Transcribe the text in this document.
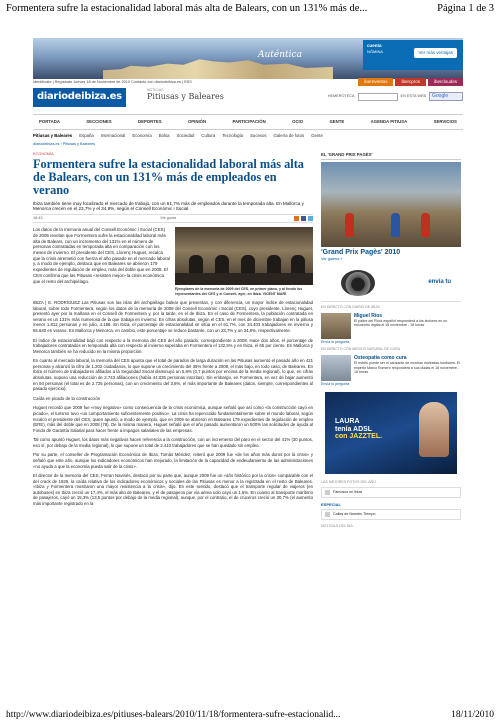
Formentera sufre la estacionalidad laboral más alta de Balears, con un 131% más de...	Página 1 de 3
Auténtica
cuenta
NÓMINA	Ver más ventajas
Identifícate | Regístrate Jueves 18 de Noviembre de 2010 Contacto con diariodeibiza.es | RSS	ibereventos	ibercpros	ibercloudes
diariodeibiza.es
NOTICIAS
Pitiusas y Baleares	HEMEROTECA	EN ESTA WEB	Google
PORTADA	SECCIONES	DEPORTES	OPINIÓN	PARTICIPACIÓN	OCIO	GENTE	AGENDA PITIUSA	SERVICIOS
Pitiusas y Baleares España Internacional Economía Bolsa Sociedad Cultura Tecnología Sucesos Galería de fotos Gente
diariodeibiza.es › Pitiusas y Baleares
ECONOMÍA
Formentera sufre la estacionalidad laboral más alta de Balears, con un 131% más de empleados en verano
Ibiza también tiene muy focalizado el mercado de trabajo, con un 61,7% más de empleados durante la temporada alta. En Mallorca y Menorca crecen en el 23,7% y el 34,8%, según el Consell Econòmic i Social.
18:43	Me gusta
Los datos de la memoria anual del Consell Econòmic i Social (CES) de 2009 revelan que Formentera sufre la estacionalidad laboral más alta de Balears, con un incremento del 131% en el número de personas contratadas en temporada alta en comparación con los meses de invierno. El presidente del CES, Llorenç Huguet, recalca que la crisis arremetió con fuerza el año pasado en el mercado laboral y, a modo de ejemplo, destaca que en Baleares se abrieron 179 expedientes de regulación de empleo, más del doble que en 2008. El CES confirma que las Pitiusas «resisten mejor» la crisis económica que el resto del archipiélago.
Ejemplares de la memoria de 2009 del CES, en primer plano, y al fondo los representantes del CES y el Consell, ayer, en Ibiza. VICENT MARÍ

IBIZA | E. RODRÍGUEZ Las Pitiusas son las islas del archipiélago balear que presentan, y con diferencia, un mayor índice de estacionalidad laboral, sobre todo Formentera, según los datos de la memoria de 2009 del Consell Econòmic i Social (CES), cuyo presidente, Llorenç Huguet, presentó ayer por la mañana en el Consell de Formentera y, por la tarde, en el de Ibiza. En el caso de Formentera, la población contratada en verano es un 131% más numerosa de la que trabaja en invierno. En cifras absolutas, según el CES, en el mes de diciembre trabajan en la pitiusa menor 1.812 personas y en julio, 4.188. En Ibiza, el porcentaje de estacionalidad se sitúa en el 61,7%, con 34.403 trabajadores en invierno y 55.640 en verano. En Mallorca y Menorca, en cambio, este porcentaje se reduce bastante, con un 23,7% y un 34,8%, respectivamente.

El índice de estacionalidad bajó con respecto a la memoria del CES del año pasado, correspondiente a 2008. Hace dos años, el porcentaje de trabajadores contratados en temporada alta con respecto al invierno superaba en Formentera el 132,5% y en Ibiza, el 65 por ciento. En Mallorca y Menorca también se ha reducido en la misma proporción.

En cuanto al mercado laboral, la memoria del CES apunta que el total de parados de larga duración en las Pitiusas aumentó el pasado año en 421 personas y alcanzó la cifra de 1.202 ciudadanos, lo que supone un crecimiento del 35% frente a 2008, el más bajo, en todo caso, de Baleares. En Ibiza el número de trabajadores afiliados a la Seguridad Social disminuyó un 5,9% (0,7 puntos por encima de la media regional), lo que, en cifras absolutas, supuso una reducción de 2.743 afiliaciones (había 44.035 personas inscritas). Sin embargo, en Formentera, en vez de bajar aumentó en 94 personas (el total es de 2.725 personas), con un crecimiento del 3,6%, el más importante de Baleares (datos, siempre, correspondientes al pasado ejercicio).

Caída en picado de la construcción

Huguet recordó que 2009 fue «muy negativo» como consecuencia de la crisis económica, aunque señaló que así como «la construcción cayó en picado», el turismo tuvo «un comportamiento suficientemente positivo». La crisis ha repercutido fundamentalmente sobre el mundo laboral, según recalcó el presidente del CES, quien apuntó, a modo de ejemplo, que en 2009 se abrieron en Baleares 179 expedientes de regulación de empleo (ERE), más del doble que en 2008 (78). De la misma manera, Huguet señaló que el año pasado aumentaron un 500% las solicitudes de ayuda al Fondo de Garantía Salarial para hacer frente a impagos salariales de las empresas.

Tal como apuntó Huguet, los datos más negativos hacen referencia a la construcción, con un incremento del paro en el sector del 41% (30 puntos, eso sí, por debajo de la media regional), lo que supone un total de 2.410 trabajadores que se han quedado sin empleo.

Por su parte, el conseller de Programación Económica de Ibiza, Tomás Méndez, reiteró que 2009 fue «de los años más duros por la crisis» y señaló que este año, aunque los indicadores económicos han mejorado, la limitación de la capacidad de endeudamiento de las administraciones «no ayuda a que la economía pueda salir de la crisis».

El director de la memoria del CES, Ferran Navinés, destacó por su parte que, aunque 2009 fue un «año histórico por la crisis» comparable con el del crack de 1929, la caída relativa de los indicadores económicos y sociales de las Pitiusas es menor a la registrada en el resto de Baleares. «Ibiza y Formentera mostraron una mayor resistencia a la crisis», dijo. En este sentido, destacó que el transporte regular de viajeros (en autobuses) en Ibiza creció un 17,4%, el más alto de Baleares, y el de pasajeros por vía aérea solo cayó un 1,6%. En cuanto al transporte marítimo de pasajeros, cayó un 15,3% (13,5 puntos por debajo de la media regional), aunque, por el contrario, el de cruceros creció un 30,7% (el aumento más importante registrado en la

EL 'GRAND PRIX PAGÈS'
'Grand Prix Pagès' 2010
Ver galería »
envía tu
EN DIRECTO CON DIARIO DE IBIZA
Miguel Ríos
El padre del Rock español responderá a los lectores en un encuentro digital el 18 noviembre - 18 horas
Envía tu pregunta
EN DIRECTO CON MEDICO NATURAL DE CORA
Osteopatía como cura
El estrés puede ser el causante de muchas molestias lumbares. El experto Marco Romero responderá a sus dudas el 18 noviembre - 18 horas
Envía tu pregunta
LAURA
tenía ADSL
con JAZZTEL.
LAS MEJORES FOTOS DEL AÑO
Famosos en Ibiza
ESPECIAL
Calles de Nuestro Tiempo
NOTICIAS DEL DÍA
http://www.diariodeibiza.es/pitiuses-balears/2010/11/18/formentera-sufre-estacionalid...	18/11/2010
